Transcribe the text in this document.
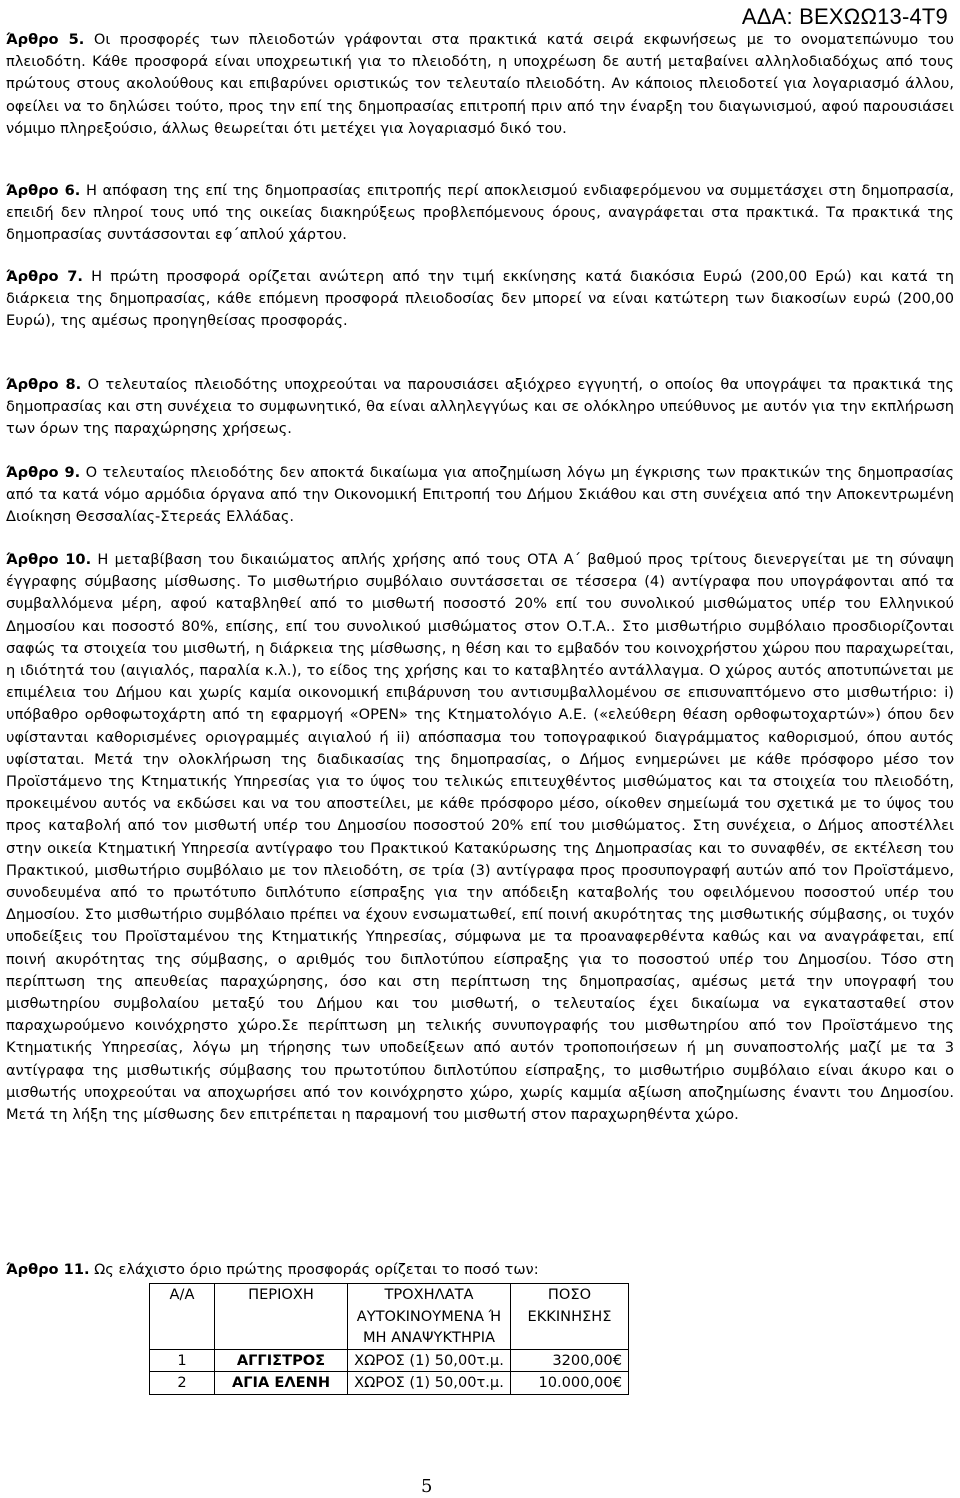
ΑΔΑ: ΒΕΧΩΩ13-4Τ9
Άρθρο 5. Οι προσφορές των πλειοδοτών γράφονται στα πρακτικά κατά σειρά εκφωνήσεως με το ονοματεπώνυμο του πλειοδότη. Κάθε προσφορά είναι υποχρεωτική για το πλειοδότη, η υποχρέωση δε αυτή μεταβαίνει αλληλοδιαδόχως από τους πρώτους στους ακολούθους και επιβαρύνει οριστικώς τον τελευταίο πλειοδότη. Αν κάποιος πλειοδοτεί για λογαριασμό άλλου, οφείλει να το δηλώσει τούτο, προς την επί της δημοπρασίας επιτροπή πριν από την έναρξη του διαγωνισμού, αφού παρουσιάσει νόμιμο πληρεξούσιο, άλλως θεωρείται ότι μετέχει για λογαριασμό δικό του.
Άρθρο 6. Η απόφαση της επί της δημοπρασίας επιτροπής περί αποκλεισμού ενδιαφερόμενου να συμμετάσχει στη δημοπρασία, επειδή δεν πληροί τους υπό της οικείας διακηρύξεως προβλεπόμενους όρους, αναγράφεται στα πρακτικά. Τα πρακτικά της δημοπρασίας συντάσσονται εφ΄απλού χάρτου.
Άρθρο 7. Η πρώτη προσφορά ορίζεται ανώτερη από την τιμή εκκίνησης κατά διακόσια Ευρώ (200,00 Ερώ) και κατά τη διάρκεια της δημοπρασίας, κάθε επόμενη προσφορά πλειοδοσίας δεν μπορεί να είναι κατώτερη των διακοσίων ευρώ (200,00 Ευρώ), της αμέσως προηγηθείσας προσφοράς.
Άρθρο 8. Ο τελευταίος πλειοδότης υποχρεούται να παρουσιάσει αξιόχρεο εγγυητή, ο οποίος θα υπογράψει τα πρακτικά της δημοπρασίας και στη συνέχεια το συμφωνητικό, θα είναι αλληλεγγύως και σε ολόκληρο υπεύθυνος με αυτόν για την εκπλήρωση των όρων της παραχώρησης χρήσεως.
Άρθρο 9. Ο τελευταίος πλειοδότης δεν αποκτά δικαίωμα για αποζημίωση λόγω μη έγκρισης των πρακτικών της δημοπρασίας από τα κατά νόμο αρμόδια όργανα από την Οικονομική Επιτροπή του Δήμου Σκιάθου και στη συνέχεια από την Αποκεντρωμένη Διοίκηση Θεσσαλίας-Στερεάς Ελλάδας.
Άρθρο 10. Η μεταβίβαση του δικαιώματος απλής χρήσης από τους ΟΤΑ Α΄ βαθμού προς τρίτους διενεργείται με τη σύναψη έγγραφης σύμβασης μίσθωσης. Το μισθωτήριο συμβόλαιο συντάσσεται σε τέσσερα (4) αντίγραφα που υπογράφονται από τα συμβαλλόμενα μέρη, αφού καταβληθεί από το μισθωτή ποσοστό 20% επί του συνολικού μισθώματος υπέρ του Ελληνικού Δημοσίου και ποσοστό 80%, επίσης, επί του συνολικού μισθώματος στον Ο.Τ.Α.. Στο μισθωτήριο συμβόλαιο προσδιορίζονται σαφώς τα στοιχεία του μισθωτή, η διάρκεια της μίσθωσης, η θέση και το εμβαδόν του κοινοχρήστου χώρου που παραχωρείται, η ιδιότητά του (αιγιαλός, παραλία κ.λ.), το είδος της χρήσης και το καταβλητέο αντάλλαγμα. Ο χώρος αυτός αποτυπώνεται με επιμέλεια του Δήμου και χωρίς καμία οικονομική επιβάρυνση του αντισυμβαλλομένου σε επισυναπτόμενο στο μισθωτήριο: i) υπόβαθρο ορθοφωτοχάρτη από τη εφαρμογή «OPEN» της Κτηματολόγιο Α.Ε. («ελεύθερη θέαση ορθοφωτοχαρτών») όπου δεν υφίστανται καθορισμένες οριογραμμές αιγιαλού ή ii) απόσπασμα του τοπογραφικού διαγράμματος καθορισμού, όπου αυτός υφίσταται. Μετά την ολοκλήρωση της διαδικασίας της δημοπρασίας, ο Δήμος ενημερώνει με κάθε πρόσφορο μέσο τον Προϊστάμενο της Κτηματικής Υπηρεσίας για το ύψος του τελικώς επιτευχθέντος μισθώματος και τα στοιχεία του πλειοδότη, προκειμένου αυτός να εκδώσει και να του αποστείλει, με κάθε πρόσφορο μέσο, οίκοθεν σημείωμά του σχετικά με το ύψος του προς καταβολή από τον μισθωτή υπέρ του Δημοσίου ποσοστού 20% επί του μισθώματος. Στη συνέχεια, ο Δήμος αποστέλλει στην οικεία Κτηματική Υπηρεσία αντίγραφο του Πρακτικού Κατακύρωσης της Δημοπρασίας και το συναφθέν, σε εκτέλεση του Πρακτικού, μισθωτήριο συμβόλαιο με τον πλειοδότη, σε τρία (3) αντίγραφα προς προσυπογραφή αυτών από τον Προϊστάμενο, συνοδευμένα από το πρωτότυπο διπλότυπο είσπραξης για την απόδειξη καταβολής του οφειλόμενου ποσοστού υπέρ του Δημοσίου. Στο μισθωτήριο συμβόλαιο πρέπει να έχουν ενσωματωθεί, επί ποινή ακυρότητας της μισθωτικής σύμβασης, οι τυχόν υποδείξεις του Προϊσταμένου της Κτηματικής Υπηρεσίας, σύμφωνα με τα προαναφερθέντα καθώς και να αναγράφεται, επί ποινή ακυρότητας της σύμβασης, ο αριθμός του διπλοτύπου είσπραξης για το ποσοστού υπέρ του Δημοσίου. Τόσο στη περίπτωση της απευθείας παραχώρησης, όσο και στη περίπτωση της δημοπρασίας, αμέσως μετά την υπογραφή του μισθωτηρίου συμβολαίου μεταξύ του Δήμου και του μισθωτή, ο τελευταίος έχει δικαίωμα να εγκατασταθεί στον παραχωρούμενο κοινόχρηστο χώρο.Σε περίπτωση μη τελικής συνυπογραφής του μισθωτηρίου από τον Προϊστάμενο της Κτηματικής Υπηρεσίας, λόγω μη τήρησης των υποδείξεων από αυτόν τροποποιήσεων ή μη συναποστολής μαζί με τα 3 αντίγραφα της μισθωτικής σύμβασης του πρωτοτύπου διπλοτύπου είσπραξης, το μισθωτήριο συμβόλαιο είναι άκυρο και ο μισθωτής υποχρεούται να αποχωρήσει από τον κοινόχρηστο χώρο, χωρίς καμμία αξίωση αποζημίωσης έναντι του Δημοσίου. Μετά τη λήξη της μίσθωσης δεν επιτρέπεται η παραμονή του μισθωτή στον παραχωρηθέντα χώρο.
Άρθρο 11. Ως ελάχιστο όριο πρώτης προσφοράς ορίζεται το ποσό των:
Α/Α	ΠΕΡΙΟΧΗ	ΤΡΟΧΗΛΑΤΑ ΑΥΤΟΚΙΝΟΥΜΕΝΑ Ή ΜΗ ΑΝΑΨΥΚΤΗΡΙΑ	ΠΟΣΟ ΕΚΚΙΝΗΣΗΣ
1	ΑΓΓΙΣΤΡΟΣ	ΧΩΡΟΣ (1) 50,00τ.μ.	3200,00€
2	ΑΓΙΑ ΕΛΕΝΗ	ΧΩΡΟΣ (1) 50,00τ.μ.	10.000,00€
5
